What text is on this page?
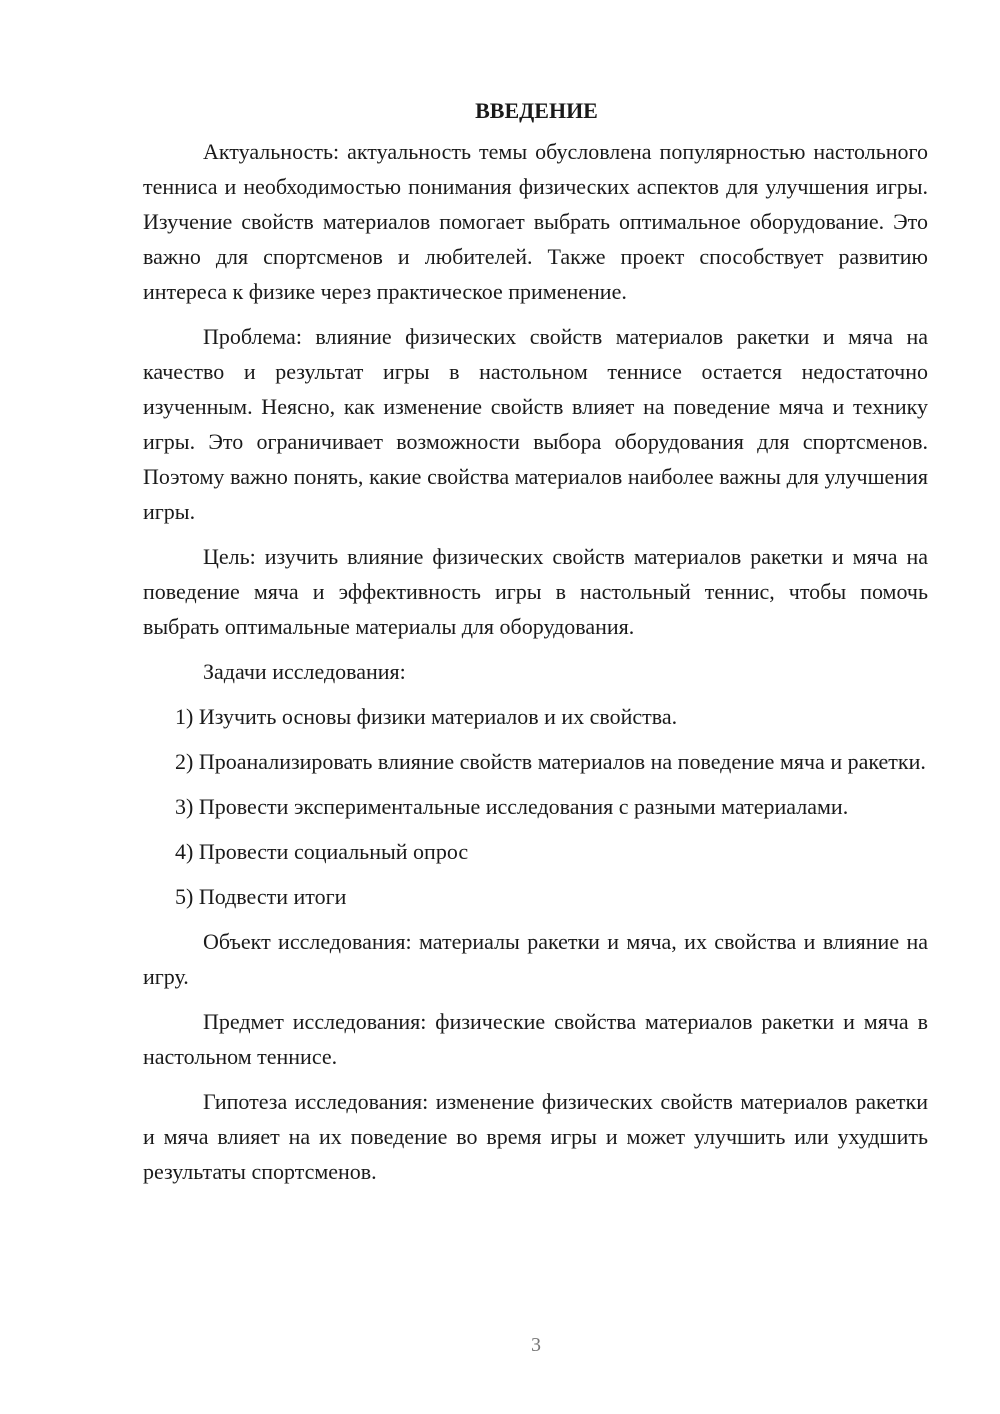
ВВЕДЕНИЕ

Актуальность: актуальность темы обусловлена популярностью настольного тенниса и необходимостью понимания физических аспектов для улучшения игры. Изучение свойств материалов помогает выбрать оптимальное оборудование. Это важно для спортсменов и любителей. Также проект способствует развитию интереса к физике через практическое применение.

Проблема: влияние физических свойств материалов ракетки и мяча на качество и результат игры в настольном теннисе остается недостаточно изученным. Неясно, как изменение свойств влияет на поведение мяча и технику игры. Это ограничивает возможности выбора оборудования для спортсменов. Поэтому важно понять, какие свойства материалов наиболее важны для улучшения игры.

Цель: изучить влияние физических свойств материалов ракетки и мяча на поведение мяча и эффективность игры в настольный теннис, чтобы помочь выбрать оптимальные материалы для оборудования.

Задачи исследования:

1) Изучить основы физики материалов и их свойства.

2) Проанализировать влияние свойств материалов на поведение мяча и ракетки.

3) Провести экспериментальные исследования с разными материалами.

4) Провести социальный опрос

5) Подвести итоги

Объект исследования: материалы ракетки и мяча, их свойства и влияние на игру.

Предмет исследования: физические свойства материалов ракетки и мяча в настольном теннисе.

Гипотеза исследования: изменение физических свойств материалов ракетки и мяча влияет на их поведение во время игры и может улучшить или ухудшить результаты спортсменов.

3
